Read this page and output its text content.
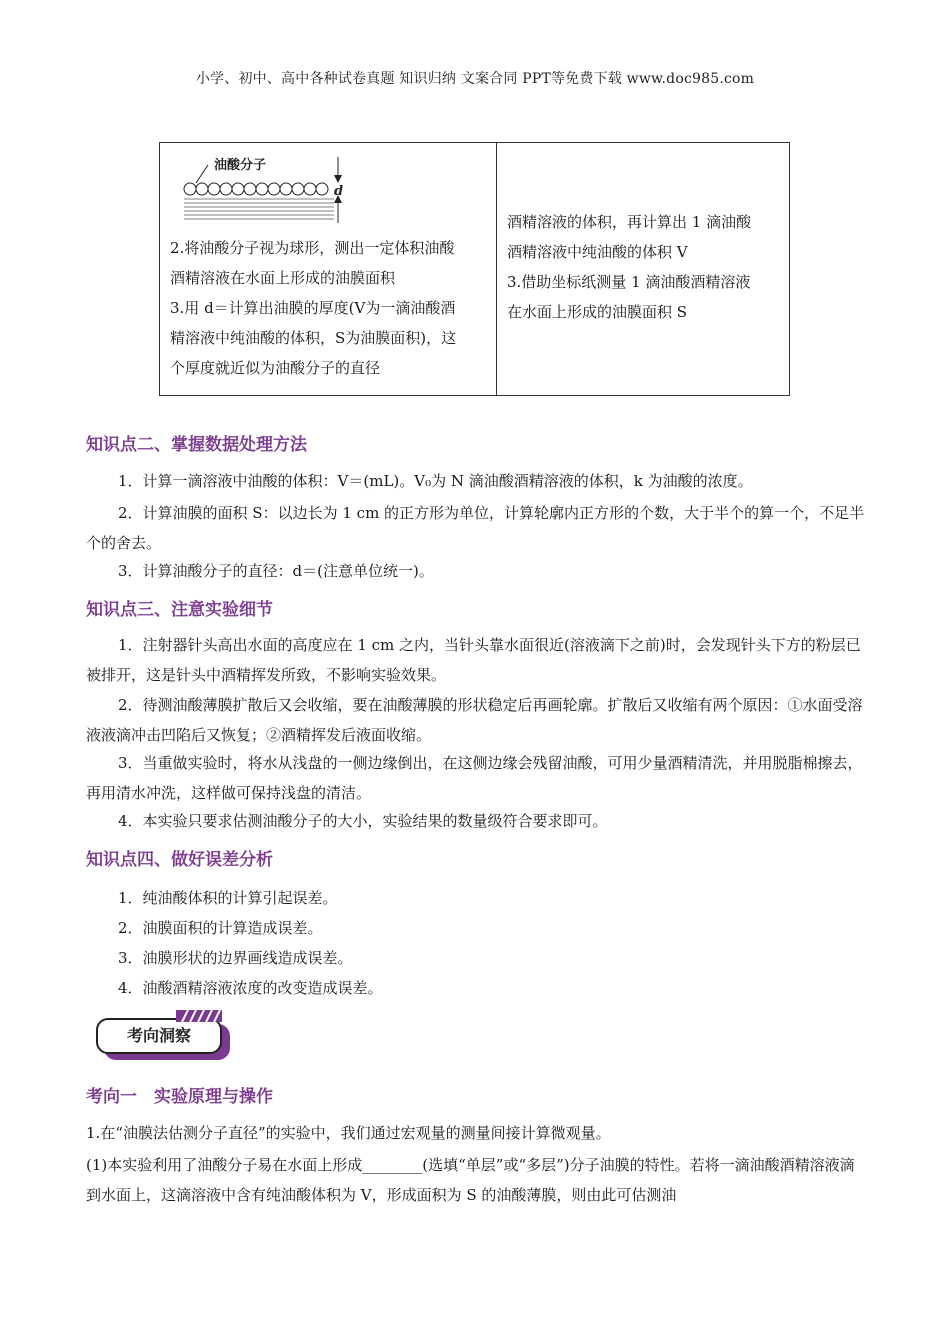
小学、初中、高中各种试卷真题 知识归纳 文案合同 PPT等免费下载 www.doc985.com
油酸分子
d
2.将油酸分子视为球形，测出一定体积油酸
酒精溶液在水面上形成的油膜面积
3.用 d＝计算出油膜的厚度(V为一滴油酸酒
精溶液中纯油酸的体积，S为油膜面积)，这
个厚度就近似为油酸分子的直径
酒精溶液的体积，再计算出 1 滴油酸
酒精溶液中纯油酸的体积 V
3.借助坐标纸测量 1 滴油酸酒精溶液
在水面上形成的油膜面积 S
知识点二、掌握数据处理方法
1．计算一滴溶液中油酸的体积：V＝(mL)。V₀为 N 滴油酸酒精溶液的体积，k 为油酸的浓度。
2．计算油膜的面积 S：以边长为 1 cm 的正方形为单位，计算轮廓内正方形的个数，大于半个的算一个，不足半个的舍去。
3．计算油酸分子的直径：d＝(注意单位统一)。
知识点三、注意实验细节
1．注射器针头高出水面的高度应在 1 cm 之内，当针头靠水面很近(溶液滴下之前)时，会发现针头下方的粉层已被排开，这是针头中酒精挥发所致，不影响实验效果。
2．待测油酸薄膜扩散后又会收缩，要在油酸薄膜的形状稳定后再画轮廓。扩散后又收缩有两个原因：①水面受溶液液滴冲击凹陷后又恢复；②酒精挥发后液面收缩。
3．当重做实验时，将水从浅盘的一侧边缘倒出，在这侧边缘会残留油酸，可用少量酒精清洗，并用脱脂棉擦去，再用清水冲洗，这样做可保持浅盘的清洁。
4．本实验只要求估测油酸分子的大小，实验结果的数量级符合要求即可。
知识点四、做好误差分析
1．纯油酸体积的计算引起误差。
2．油膜面积的计算造成误差。
3．油膜形状的边界画线造成误差。
4．油酸酒精溶液浓度的改变造成误差。
考向洞察
考向一　实验原理与操作
1.在“油膜法估测分子直径”的实验中，我们通过宏观量的测量间接计算微观量。
(1)本实验利用了油酸分子易在水面上形成________(选填“单层”或“多层”)分子油膜的特性。若将一滴油酸酒精溶液滴到水面上，这滴溶液中含有纯油酸体积为 V，形成面积为 S 的油酸薄膜，则由此可估测油
